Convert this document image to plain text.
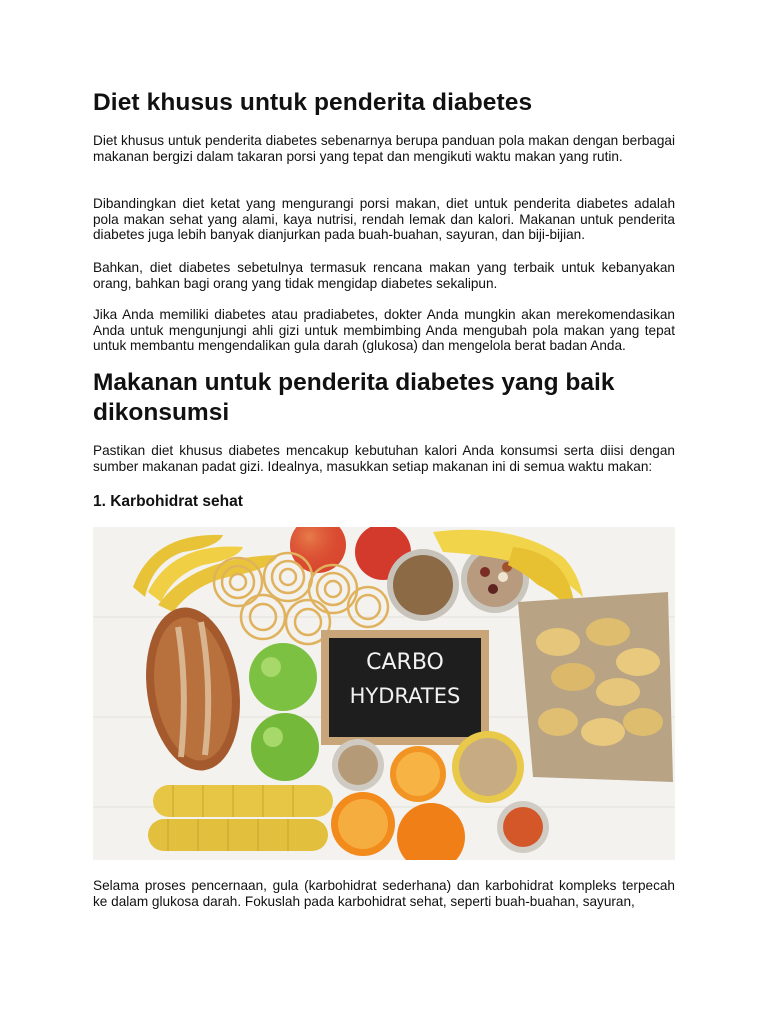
Diet khusus untuk penderita diabetes

Diet khusus untuk penderita diabetes sebenarnya berupa panduan pola makan dengan berbagai makanan bergizi dalam takaran porsi yang tepat dan mengikuti waktu makan yang rutin.

Dibandingkan diet ketat yang mengurangi porsi makan, diet untuk penderita diabetes adalah pola makan sehat yang alami, kaya nutrisi, rendah lemak dan kalori. Makanan untuk penderita diabetes juga lebih banyak dianjurkan pada buah-buahan, sayuran, dan biji-bijian.

Bahkan, diet diabetes sebetulnya termasuk rencana makan yang terbaik untuk kebanyakan orang, bahkan bagi orang yang tidak mengidap diabetes sekalipun.

Jika Anda memiliki diabetes atau pradiabetes, dokter Anda mungkin akan merekomendasikan Anda untuk mengunjungi ahli gizi untuk membimbing Anda mengubah pola makan yang tepat untuk membantu mengendalikan gula darah (glukosa) dan mengelola berat badan Anda.

Makanan untuk penderita diabetes yang baik
dikonsumsi

Pastikan diet khusus diabetes mencakup kebutuhan kalori Anda konsumsi serta diisi dengan sumber makanan padat gizi. Idealnya, masukkan setiap makanan ini di semua waktu makan:

1. Karbohidrat sehat
CARBO
HYDRATES

Selama proses pencernaan, gula (karbohidrat sederhana) dan karbohidrat kompleks terpecah ke dalam glukosa darah. Fokuslah pada karbohidrat sehat, seperti buah-buahan, sayuran,
